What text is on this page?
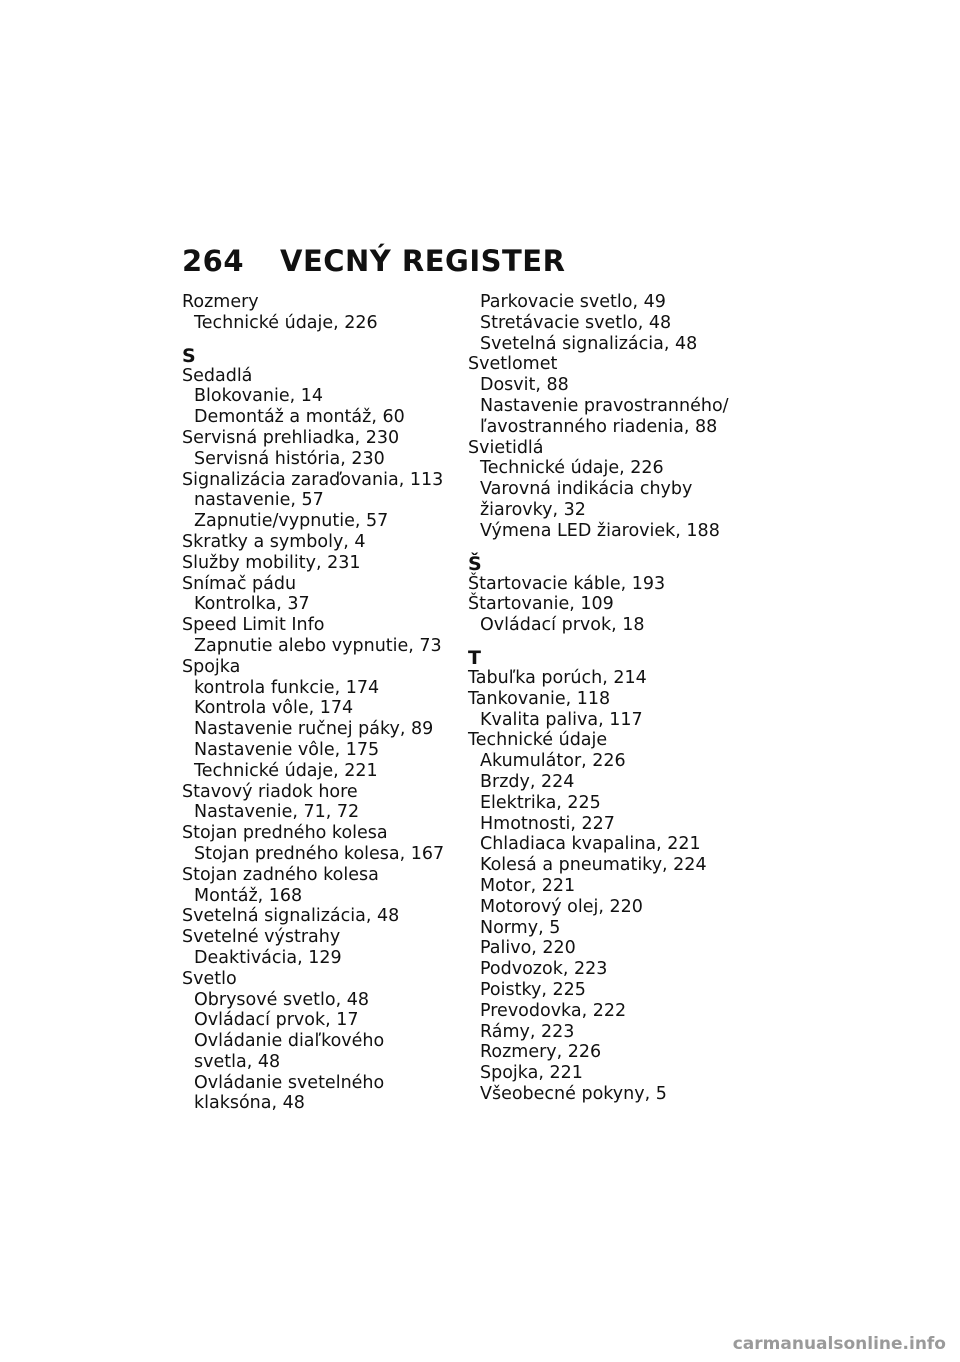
264 VECNÝ REGISTER
Rozmery
Technické údaje, 226
S
Sedadlá
Blokovanie, 14
Demontáž a montáž, 60
Servisná prehliadka, 230
Servisná história, 230
Signalizácia zaraďovania, 113
nastavenie, 57
Zapnutie/vypnutie, 57
Skratky a symboly, 4
Služby mobility, 231
Snímač pádu
Kontrolka, 37
Speed Limit Info
Zapnutie alebo vypnutie, 73
Spojka
kontrola funkcie, 174
Kontrola vôle, 174
Nastavenie ručnej páky, 89
Nastavenie vôle, 175
Technické údaje, 221
Stavový riadok hore
Nastavenie, 71, 72
Stojan predného kolesa
Stojan predného kolesa, 167
Stojan zadného kolesa
Montáž, 168
Svetelná signalizácia, 48
Svetelné výstrahy
Deaktivácia, 129
Svetlo
Obrysové svetlo, 48
Ovládací prvok, 17
Ovládanie diaľkového
svetla, 48
Ovládanie svetelného
klaksóna, 48
Parkovacie svetlo, 49
Stretávacie svetlo, 48
Svetelná signalizácia, 48
Svetlomet
Dosvit, 88
Nastavenie pravostranného/
ľavostranného riadenia, 88
Svietidlá
Technické údaje, 226
Varovná indikácia chyby
žiarovky, 32
Výmena LED žiaroviek, 188
Š
Štartovacie káble, 193
Štartovanie, 109
Ovládací prvok, 18
T
Tabuľka porúch, 214
Tankovanie, 118
Kvalita paliva, 117
Technické údaje
Akumulátor, 226
Brzdy, 224
Elektrika, 225
Hmotnosti, 227
Chladiaca kvapalina, 221
Kolesá a pneumatiky, 224
Motor, 221
Motorový olej, 220
Normy, 5
Palivo, 220
Podvozok, 223
Poistky, 225
Prevodovka, 222
Rámy, 223
Rozmery, 226
Spojka, 221
Všeobecné pokyny, 5
carmanualsonline.info
